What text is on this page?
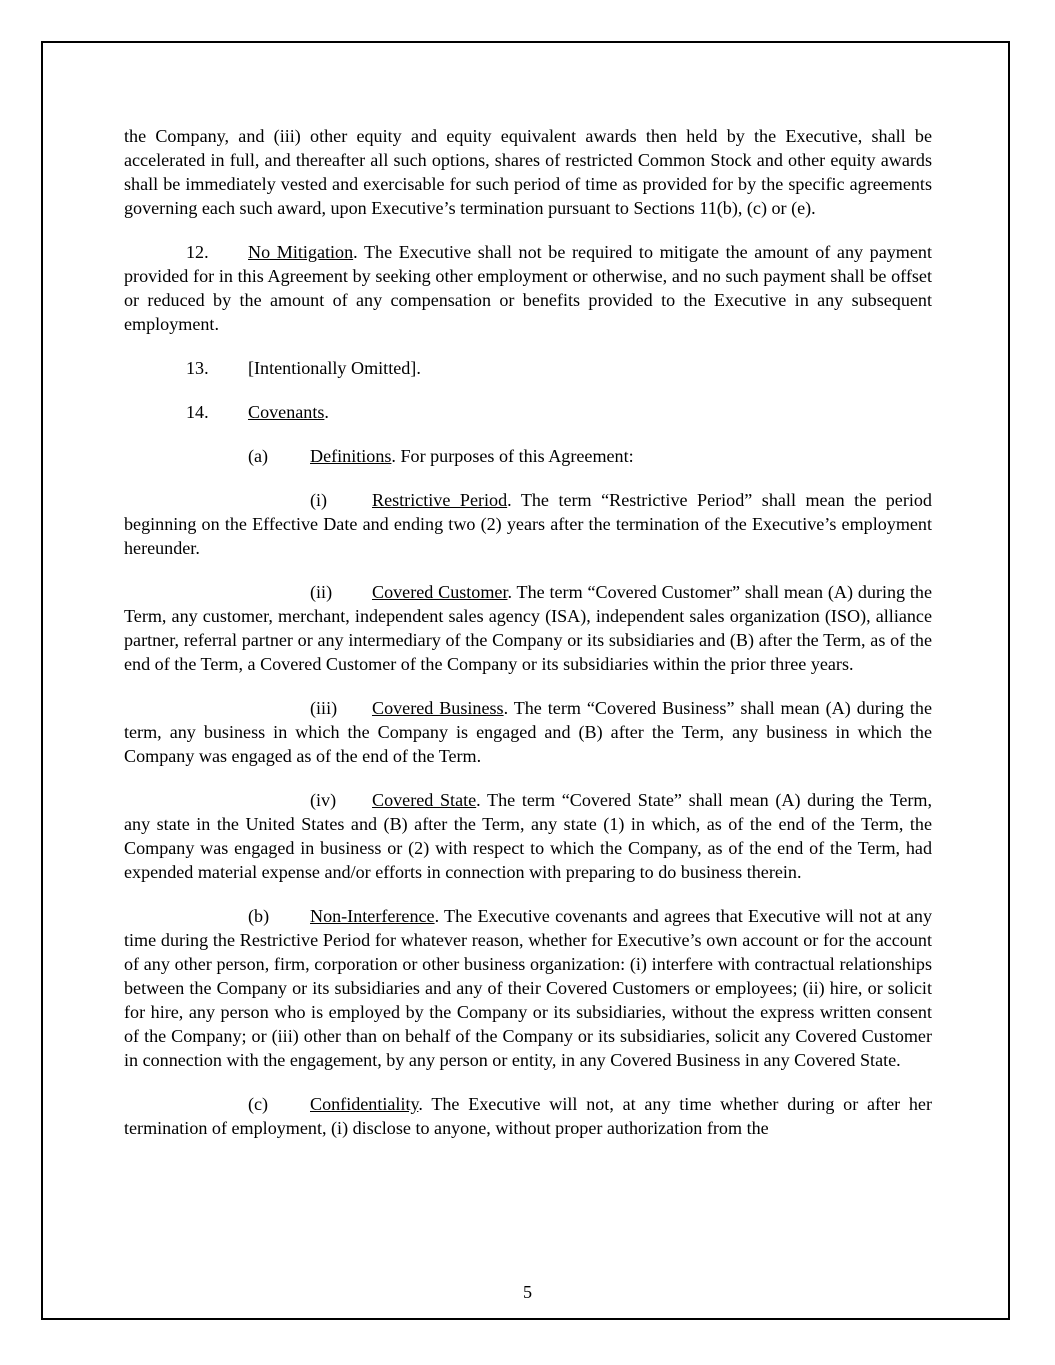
the Company, and (iii) other equity and equity equivalent awards then held by the Executive, shall be accelerated in full, and thereafter all such options, shares of restricted Common Stock and other equity awards shall be immediately vested and exercisable for such period of time as provided for by the specific agreements governing each such award, upon Executive’s termination pursuant to Sections 11(b), (c) or (e).

12. No Mitigation. The Executive shall not be required to mitigate the amount of any payment provided for in this Agreement by seeking other employment or otherwise, and no such payment shall be offset or reduced by the amount of any compensation or benefits provided to the Executive in any subsequent employment.

13. [Intentionally Omitted].

14. Covenants.

(a) Definitions. For purposes of this Agreement:

(i) Restrictive Period. The term “Restrictive Period” shall mean the period beginning on the Effective Date and ending two (2) years after the termination of the Executive’s employment hereunder.

(ii) Covered Customer. The term “Covered Customer” shall mean (A) during the Term, any customer, merchant, independent sales agency (ISA), independent sales organization (ISO), alliance partner, referral partner or any intermediary of the Company or its subsidiaries and (B) after the Term, as of the end of the Term, a Covered Customer of the Company or its subsidiaries within the prior three years.

(iii) Covered Business. The term “Covered Business” shall mean (A) during the term, any business in which the Company is engaged and (B) after the Term, any business in which the Company was engaged as of the end of the Term.

(iv) Covered State. The term “Covered State” shall mean (A) during the Term, any state in the United States and (B) after the Term, any state (1) in which, as of the end of the Term, the Company was engaged in business or (2) with respect to which the Company, as of the end of the Term, had expended material expense and/or efforts in connection with preparing to do business therein.

(b) Non-Interference. The Executive covenants and agrees that Executive will not at any time during the Restrictive Period for whatever reason, whether for Executive’s own account or for the account of any other person, firm, corporation or other business organization: (i) interfere with contractual relationships between the Company or its subsidiaries and any of their Covered Customers or employees; (ii) hire, or solicit for hire, any person who is employed by the Company or its subsidiaries, without the express written consent of the Company; or (iii) other than on behalf of the Company or its subsidiaries, solicit any Covered Customer in connection with the engagement, by any person or entity, in any Covered Business in any Covered State.

(c) Confidentiality. The Executive will not, at any time whether during or after her termination of employment, (i) disclose to anyone, without proper authorization from the

5
